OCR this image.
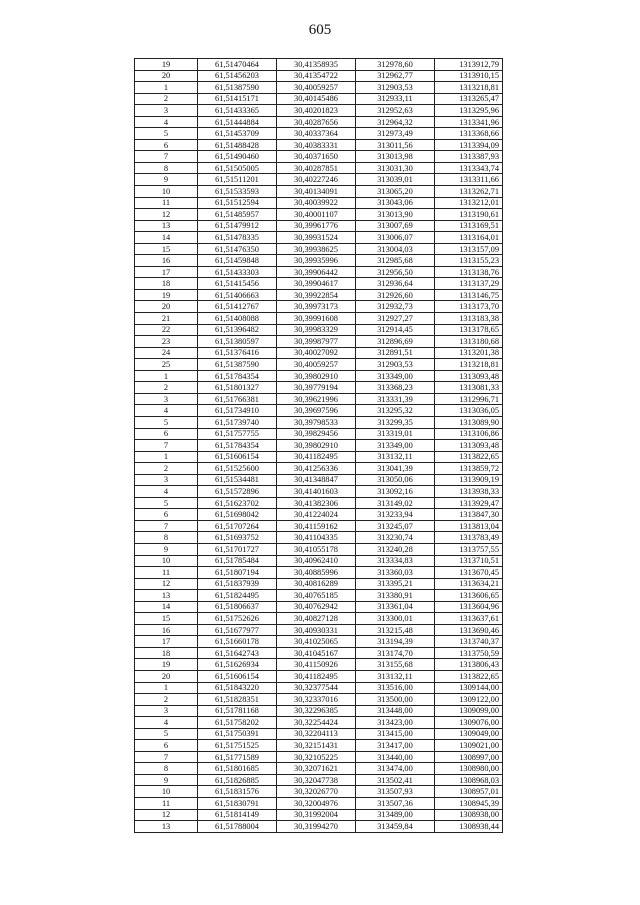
605
19	61,51470464	30,41358935	312978,60	1313912,79
20	61,51456203	30,41354722	312962,77	1313910,15
1	61,51387590	30,40059257	312903,53	1313218,81
2	61,51415171	30,40145486	312933,11	1313265,47
3	61,51433365	30,40201823	312952,63	1313295,96
4	61,51444884	30,40287656	312964,32	1313341,96
5	61,51453709	30,40337364	312973,49	1313368,66
6	61,51488428	30,40383331	313011,56	1313394,09
7	61,51490460	30,40371650	313013,98	1313387,93
8	61,51505005	30,40287851	313031,30	1313343,74
9	61,51511201	30,40227246	313039,01	1313311,66
10	61,51533593	30,40134091	313065,20	1313262,71
11	61,51512594	30,40039922	313043,06	1313212,01
12	61,51485957	30,40001107	313013,90	1313190,61
13	61,51479912	30,39961776	313007,69	1313169,51
14	61,51478335	30,39931524	313006,07	1313164,01
15	61,51476350	30,39938625	313004,03	1313157,09
16	61,51459848	30,39935996	312985,68	1313155,23
17	61,51433303	30,39906442	312956,50	1313138,76
18	61,51415456	30,39904617	312936,64	1313137,29
19	61,51406663	30,39922854	312926,60	1313146,75
20	61,51412767	30,39973173	312932,73	1313173,70
21	61,51408088	30,39991608	312927,27	1313183,38
22	61,51396482	30,39983329	312914,45	1313178,65
23	61,51380597	30,39987977	312896,69	1313180,68
24	61,51376416	30,40027092	312891,51	1313201,38
25	61,51387590	30,40059257	312903,53	1313218,81
1	61,51784354	30,39802910	313349,00	1313093,48
2	61,51801327	30,39779194	313368,23	1313081,33
3	61,51766381	30,39621996	313331,39	1312996,71
4	61,51734910	30,39697596	313295,32	1313036,05
5	61,51739740	30,39798533	313299,35	1313089,90
6	61,51757755	30,39829456	313319,01	1313106,86
7	61,51784354	30,39802910	313349,00	1313093,48
1	61,51606154	30,41182495	313132,11	1313822,65
2	61,51525600	30,41256336	313041,39	1313859,72
3	61,51534481	30,41348847	313050,06	1313909,19
4	61,51572896	30,41401603	313092,16	1313938,33
5	61,51623702	30,41382306	313149,02	1313929,47
6	61,51698042	30,41224024	313233,94	1313847,30
7	61,51707264	30,41159162	313245,07	1313813,04
8	61,51693752	30,41104335	313230,74	1313783,49
9	61,51701727	30,41055178	313240,28	1313757,55
10	61,51785484	30,40962410	313334,83	1313710,51
11	61,51807194	30,40885996	313360,03	1313670,45
12	61,51837939	30,40816289	313395,21	1313634,21
13	61,51824495	30,40765185	313380,91	1313606,65
14	61,51806637	30,40762942	313361,04	1313604,96
15	61,51752626	30,40827128	313300,01	1313637,61
16	61,51677977	30,40930331	313215,48	1313690,46
17	61,51660178	30,41025065	313194,39	1313740,37
18	61,51642743	30,41045167	313174,70	1313750,59
19	61,51626934	30,41150926	313155,68	1313806,43
20	61,51606154	30,41182495	313132,11	1313822,65
1	61,51843220	30,32377544	313516,00	1309144,00
2	61,51828351	30,32337016	313500,00	1309122,00
3	61,51781168	30,32296385	313448,00	1309099,00
4	61,51758202	30,32254424	313423,00	1309076,00
5	61,51750391	30,32204113	313415,00	1309049,00
6	61,51751525	30,32151431	313417,00	1309021,00
7	61,51771589	30,32105225	313440,00	1308997,00
8	61,51801685	30,32071621	313474,00	1308980,00
9	61,51826885	30,32047738	313502,41	1308968,03
10	61,51831576	30,32026770	313507,93	1308957,01
11	61,51830791	30,32004976	313507,36	1308945,39
12	61,51814149	30,31992004	313489,00	1308938,00
13	61,51788004	30,31994270	313459,84	1308938,44
